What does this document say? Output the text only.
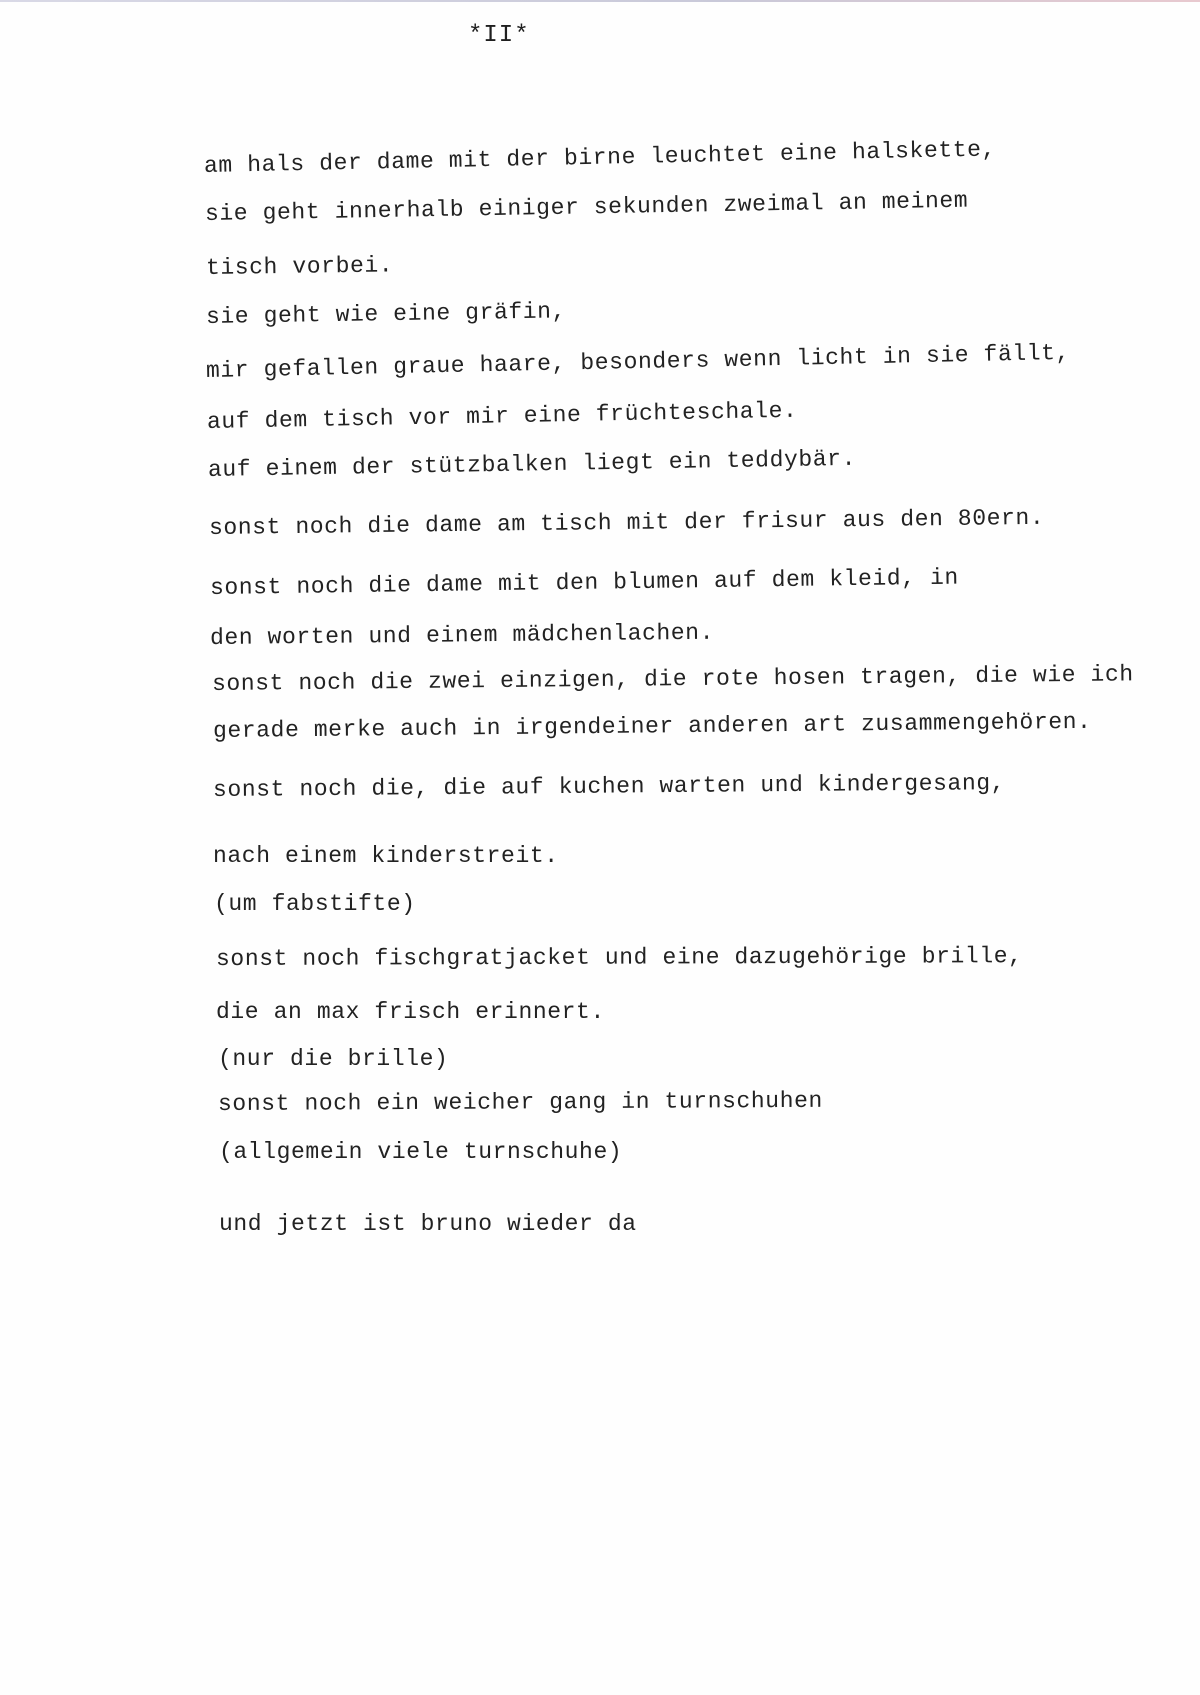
*II*
am hals der dame mit der birne leuchtet eine halskette,
sie geht innerhalb einiger sekunden zweimal an meinem
tisch vorbei.
sie geht wie eine gräfin,
mir gefallen graue haare, besonders wenn licht in sie fällt,
auf dem tisch vor mir eine früchteschale.
auf einem der stützbalken liegt ein teddybär.
sonst noch die dame am tisch mit der frisur aus den 80ern.
sonst noch die dame mit den blumen auf dem kleid, in
den worten und einem mädchenlachen.
sonst noch die zwei einzigen, die rote hosen tragen, die wie ich
gerade merke auch in irgendeiner anderen art zusammengehören.
sonst noch die, die auf kuchen warten und kindergesang,
nach einem kinderstreit.
(um fabstifte)
sonst noch fischgratjacket und eine dazugehörige brille,
die an max frisch erinnert.
(nur die brille)
sonst noch ein weicher gang in turnschuhen
(allgemein viele turnschuhe)
und jetzt ist bruno wieder da
